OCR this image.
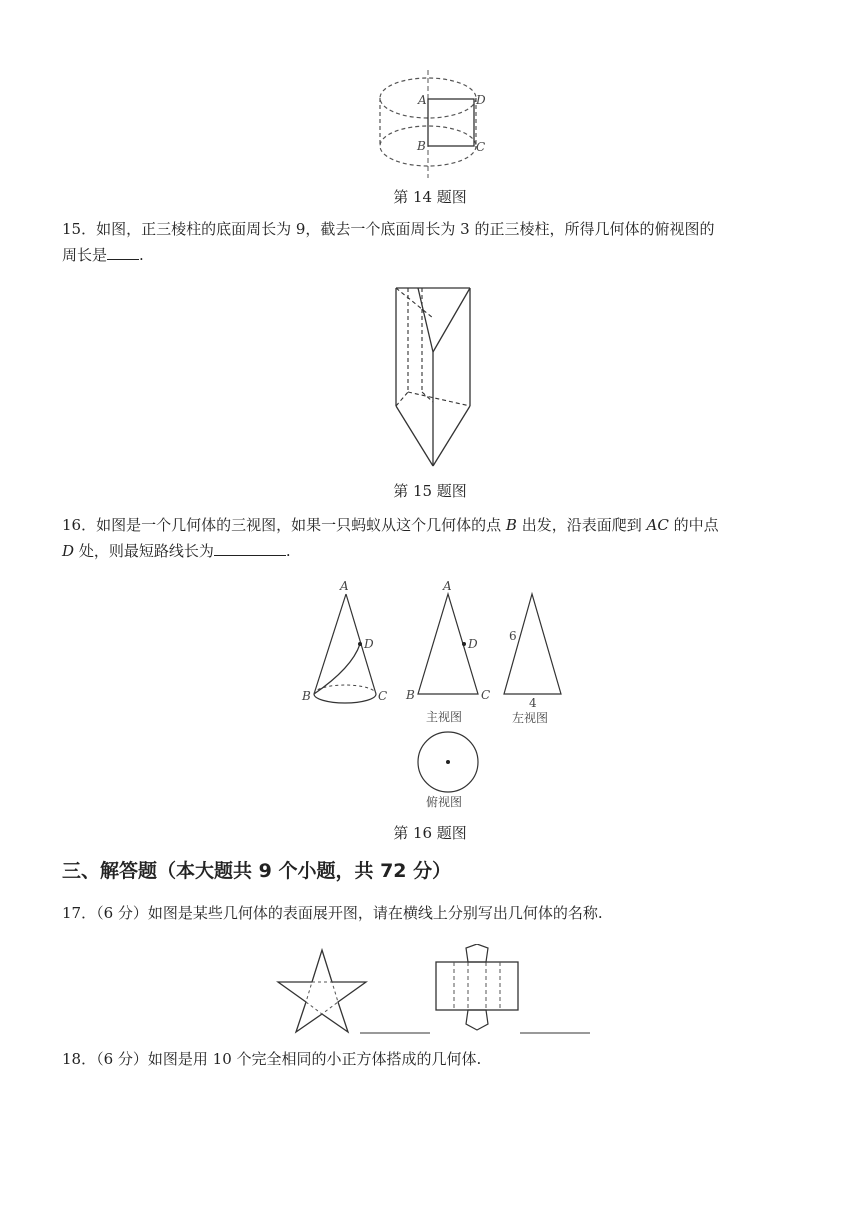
A	D
B	C
第 14 题图
15．如图，正三棱柱的底面周长为 9，截去一个底面周长为 3 的正三棱柱，所得几何体的俯视图的
周长是 .
第 15 题图
16．如图是一个几何体的三视图，如果一只蚂蚁从这个几何体的点 B 出发，沿表面爬到 AC 的中点
D 处，则最短路线长为	.
A
D
B	C
A
D
B	C
主视图
6
4
左视图
俯视图
第 16 题图
三、解答题（本大题共 9 个小题，共 72 分）
17．（6 分）如图是某些几何体的表面展开图，请在横线上分别写出几何体的名称.
18．（6 分）如图是用 10 个完全相同的小正方体搭成的几何体.
